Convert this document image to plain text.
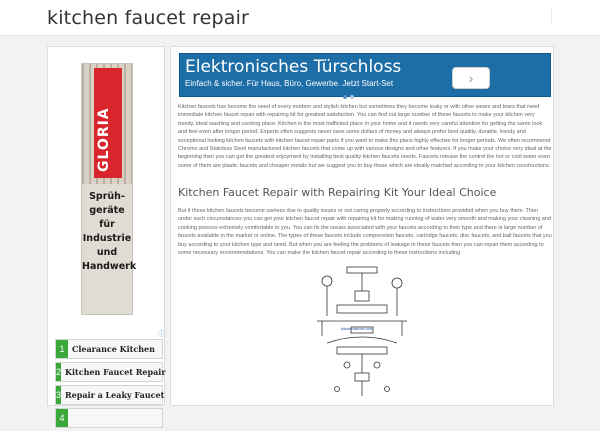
kitchen faucet repair
GLORIA
Sprüh-
geräte
für
Industrie
und
Handwerk
ⓘ
1 Clearance Kitchen
2 Kitchen Faucet Repair
3 Repair a Leaky Faucet
4
Elektronisches Türschloss
Einfach & sicher. Für Haus, Büro, Gewerbe. Jetzt Start-Set	›
Kitchen faucets has become the need of every modern and stylish kitchen but sometimes they become leaky or with other wears and tears that need immediate kitchen faucet repair with repairing kit for greatest satisfaction. You can find out large number of these faucets to make your kitchen very trendy, ideal washing and cooking place. Kitchen is the most trafficked place in your home and it needs very careful attention for getting the same look and feel even after longer period. Experts often suggests never save some dollars of money and always prefer best quality, durable, trendy and exceptional looking kitchen faucets with kitchen faucet repair parts if you want to make this place highly effective for longer periods. We often recommend Chrome and Stainless Steel manufactured kitchen faucets that come up with various designs and other features. If you make your choice very ideal at the beginning then you can get the greatest enjoyment by installing best quality kitchen faucets needs. Faucets release the control the hot or cold water even some of them are plastic faucets and cheaper metals but we suggest you to buy those which are ideally matched according to your kitchen constructions.
Kitchen Faucet Repair with Repairing Kit Your Ideal Choice
But if these kitchen faucets become useless due to quality issues or not caring properly according to instructions provided when you buy them. Then under such circumstances you can get your kitchen faucet repair with repairing kit for making running of water very smooth and making your cleaning and cooking process extremely comfortable to you. You can fix the issues associated with your faucets according to their type and there is large number of faucets available in the market or online. The types of these faucets include compression faucets, cartridge faucets, disc faucets, and ball faucets that you buy according to your kitchen type and need. But when you are feeling the problems of leakage in these faucets then you can repair them according to some necessary recommendations. You can make the kitchen faucet repair according to these instructions including
kitchenfaucet.com
